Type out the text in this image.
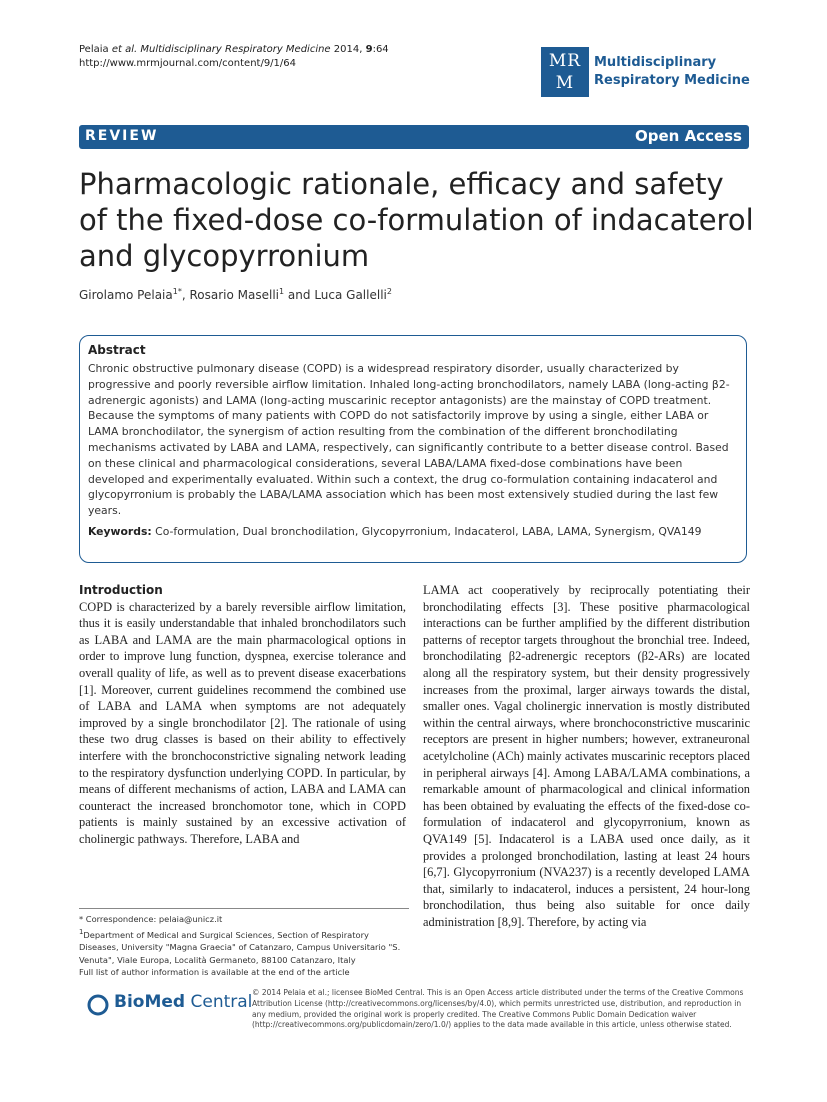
Pelaia et al. Multidisciplinary Respiratory Medicine 2014, 9:64
http://www.mrmjournal.com/content/9/1/64	MR
M
Multidisciplinary
Respiratory Medicine
REVIEW	Open Access
Pharmacologic rationale, efficacy and safety of the fixed-dose co-formulation of indacaterol and glycopyrronium
Girolamo Pelaia$^{1*}$, Rosario Maselli$^1$ and Luca Gallelli$^2$

Abstract

Chronic obstructive pulmonary disease (COPD) is a widespread respiratory disorder, usually characterized by progressive and poorly reversible airflow limitation. Inhaled long-acting bronchodilators, namely LABA (long-acting β2-adrenergic agonists) and LAMA (long-acting muscarinic receptor antagonists) are the mainstay of COPD treatment. Because the symptoms of many patients with COPD do not satisfactorily improve by using a single, either LABA or LAMA bronchodilator, the synergism of action resulting from the combination of the different bronchodilating mechanisms activated by LABA and LAMA, respectively, can significantly contribute to a better disease control. Based on these clinical and pharmacological considerations, several LABA/LAMA fixed-dose combinations have been developed and experimentally evaluated. Within such a context, the drug co-formulation containing indacaterol and glycopyrronium is probably the LABA/LAMA association which has been most extensively studied during the last few years.

Keywords: Co-formulation, Dual bronchodilation, Glycopyrronium, Indacaterol, LABA, LAMA, Synergism, QVA149

Introduction

COPD is characterized by a barely reversible airflow limitation, thus it is easily understandable that inhaled bronchodilators such as LABA and LAMA are the main pharmacological options in order to improve lung function, dyspnea, exercise tolerance and overall quality of life, as well as to prevent disease exacerbations [1]. Moreover, current guidelines recommend the combined use of LABA and LAMA when symptoms are not adequately improved by a single bronchodilator [2]. The rationale of using these two drug classes is based on their ability to effectively interfere with the bronchoconstrictive signaling network leading to the respiratory dysfunction underlying COPD. In particular, by means of different mechanisms of action, LABA and LAMA can counteract the increased bronchomotor tone, which in COPD patients is mainly sustained by an excessive activation of cholinergic pathways. Therefore, LABA and

LAMA act cooperatively by reciprocally potentiating their bronchodilating effects [3]. These positive pharmacological interactions can be further amplified by the different distribution patterns of receptor targets throughout the bronchial tree. Indeed, bronchodilating β2-adrenergic receptors (β2-ARs) are located along all the respiratory system, but their density progressively increases from the proximal, larger airways towards the distal, smaller ones. Vagal cholinergic innervation is mostly distributed within the central airways, where bronchoconstrictive muscarinic receptors are present in higher numbers; however, extraneuronal acetylcholine (ACh) mainly activates muscarinic receptors placed in peripheral airways [4]. Among LABA/LAMA combinations, a remarkable amount of pharmacological and clinical information has been obtained by evaluating the effects of the fixed-dose co-formulation of indacaterol and glycopyrronium, known as QVA149 [5]. Indacaterol is a LABA used once daily, as it provides a prolonged bronchodilation, lasting at least 24 hours [6,7]. Glycopyrronium (NVA237) is a recently developed LAMA that, similarly to indacaterol, induces a persistent, 24 hour-long bronchodilation, thus being also suitable for once daily administration [8,9]. Therefore, by acting via

* Correspondence: pelaia@unicz.it

$^1$Department of Medical and Surgical Sciences, Section of Respiratory Diseases, University "Magna Graecia" of Catanzaro, Campus Universitario "S. Venuta", Viale Europa, Località Germaneto, 88100 Catanzaro, Italy

Full list of author information is available at the end of the article

BioMed Central © 2014 Pelaia et al.; licensee BioMed Central. This is an Open Access article distributed under the terms of the Creative Commons Attribution License (http://creativecommons.org/licenses/by/4.0), which permits unrestricted use, distribution, and reproduction in any medium, provided the original work is properly credited. The Creative Commons Public Domain Dedication waiver (http://creativecommons.org/publicdomain/zero/1.0/) applies to the data made available in this article, unless otherwise stated.
